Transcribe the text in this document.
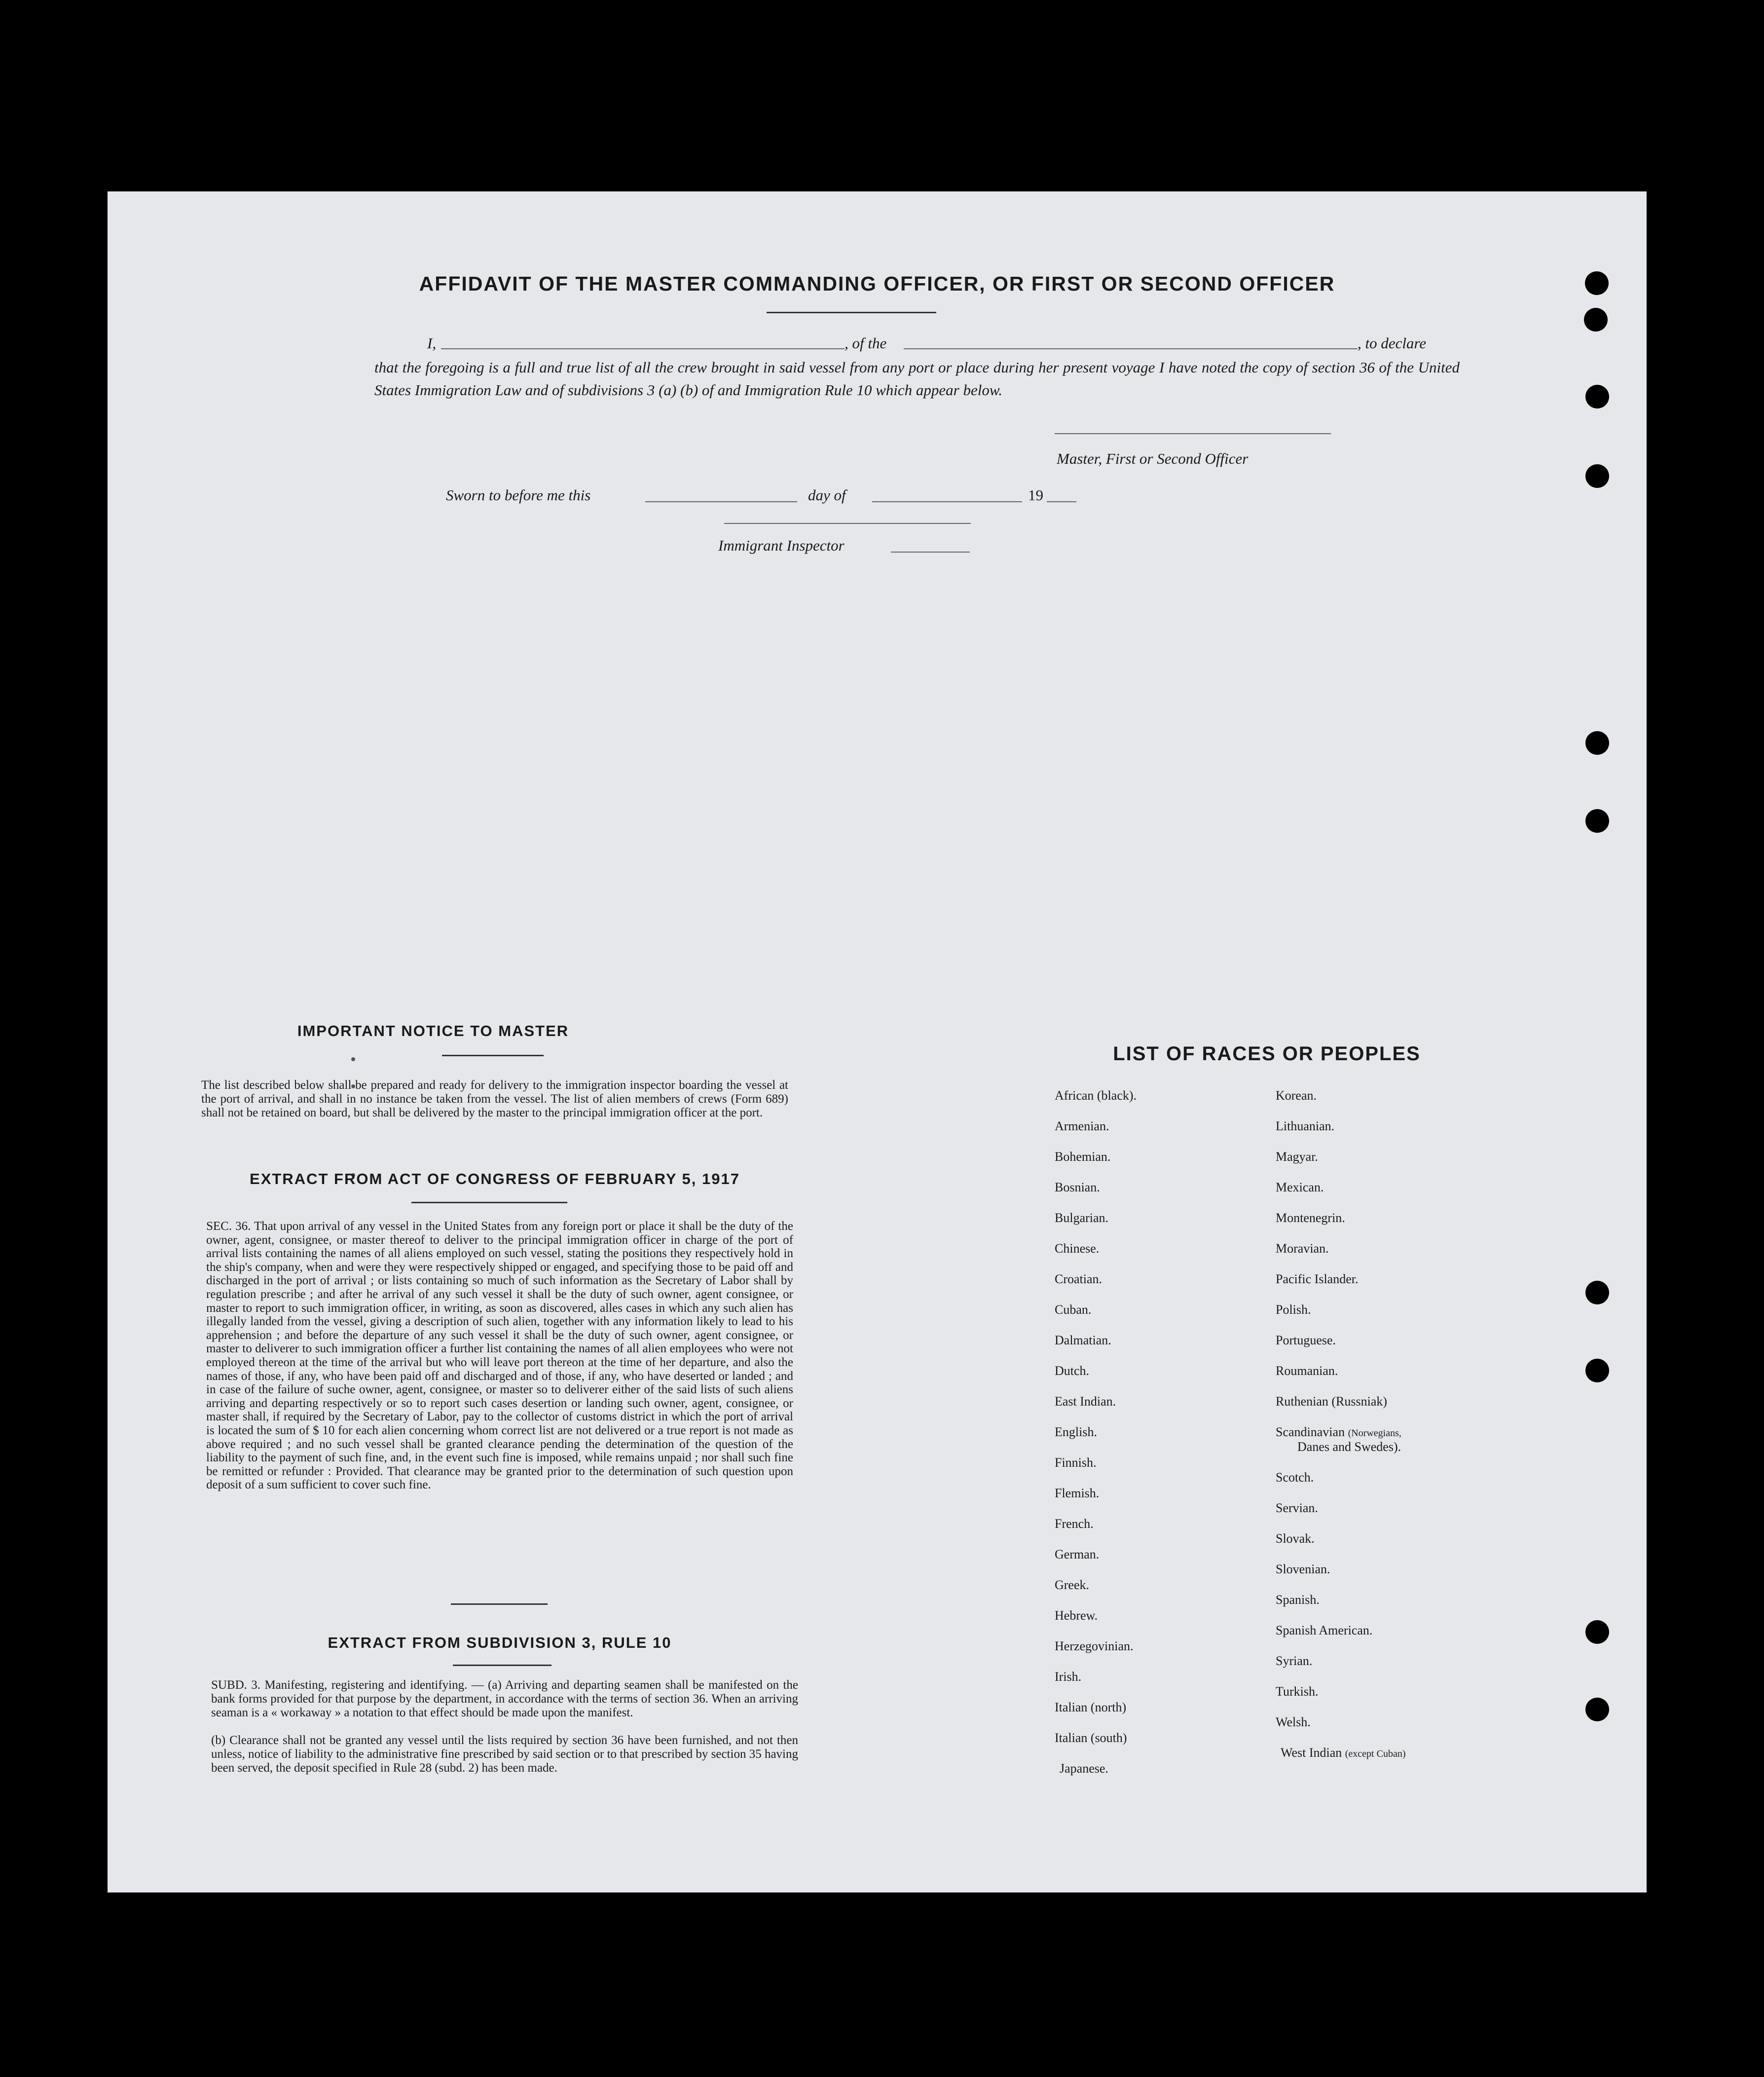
AFFIDAVIT OF THE MASTER COMMANDING OFFICER, OR FIRST OR SECOND OFFICER
I,	, of the	, to declare
that the foregoing is a full and true list of all the crew brought in said vessel from any port or place during her present voyage I have noted the copy of section 36 of the United States Immigration Law and of subdivisions 3 (a) (b) of and Immigration Rule 10 which appear below.
Master, First or Second Officer
Sworn to before me this	day of	19
Immigrant Inspector
IMPORTANT NOTICE TO MASTER
The list described below shall be prepared and ready for delivery to the immigration inspector boarding the vessel at the port of arrival, and shall in no instance be taken from the vessel. The list of alien members of crews (Form 689) shall not be retained on board, but shall be delivered by the master to the principal immigration officer at the port.
EXTRACT FROM ACT OF CONGRESS OF FEBRUARY 5, 1917
SEC. 36. That upon arrival of any vessel in the United States from any foreign port or place it shall be the duty of the owner, agent, consignee, or master thereof to deliver to the principal immigration officer in charge of the port of arrival lists containing the names of all aliens employed on such vessel, stating the positions they respectively hold in the ship's company, when and were they were respectively shipped or engaged, and specifying those to be paid off and discharged in the port of arrival ; or lists containing so much of such information as the Secretary of Labor shall by regulation prescribe ; and after he arrival of any such vessel it shall be the duty of such owner, agent consignee, or master to report to such immigration officer, in writing, as soon as discovered, alles cases in which any such alien has illegally landed from the vessel, giving a description of such alien, together with any information likely to lead to his apprehension ; and before the departure of any such vessel it shall be the duty of such owner, agent consignee, or master to deliverer to such immigration officer a further list containing the names of all alien employees who were not employed thereon at the time of the arrival but who will leave port thereon at the time of her departure, and also the names of those, if any, who have been paid off and discharged and of those, if any, who have deserted or landed ; and in case of the failure of suche owner, agent, consignee, or master so to deliverer either of the said lists of such aliens arriving and departing respectively or so to report such cases desertion or landing such owner, agent, consignee, or master shall, if required by the Secretary of Labor, pay to the collector of customs district in which the port of arrival is located the sum of $ 10 for each alien concerning whom correct list are not delivered or a true report is not made as above required ; and no such vessel shall be granted clearance pending the determination of the question of the liability to the payment of such fine, and, in the event such fine is imposed, while remains unpaid ; nor shall such fine be remitted or refunder : Provided. That clearance may be granted prior to the determination of such question upon deposit of a sum sufficient to cover such fine.
EXTRACT FROM SUBDIVISION 3, RULE 10
SUBD. 3. Manifesting, registering and identifying. — (a) Arriving and departing seamen shall be manifested on the bank forms provided for that purpose by the department, in accordance with the terms of section 36. When an arriving seaman is a « workaway » a notation to that effect should be made upon the manifest.
(b) Clearance shall not be granted any vessel until the lists required by section 36 have been furnished, and not then unless, notice of liability to the administrative fine prescribed by said section or to that prescribed by section 35 having been served, the deposit specified in Rule 28 (subd. 2) has been made.
LIST OF RACES OR PEOPLES
African (black).
Armenian.
Bohemian.
Bosnian.
Bulgarian.
Chinese.
Croatian.
Cuban.
Dalmatian.
Dutch.
East Indian.
English.
Finnish.
Flemish.
French.
German.
Greek.
Hebrew.
Herzegovinian.
Irish.
Italian (north)
Italian (south)
Japanese.
Korean.
Lithuanian.
Magyar.
Mexican.
Montenegrin.
Moravian.
Pacific Islander.
Polish.
Portuguese.
Roumanian.
Ruthenian (Russniak)
Scandinavian (Norwegians,
Danes and Swedes).
Scotch.
Servian.
Slovak.
Slovenian.
Spanish.
Spanish American.
Syrian.
Turkish.
Welsh.
West Indian (except Cuban)
